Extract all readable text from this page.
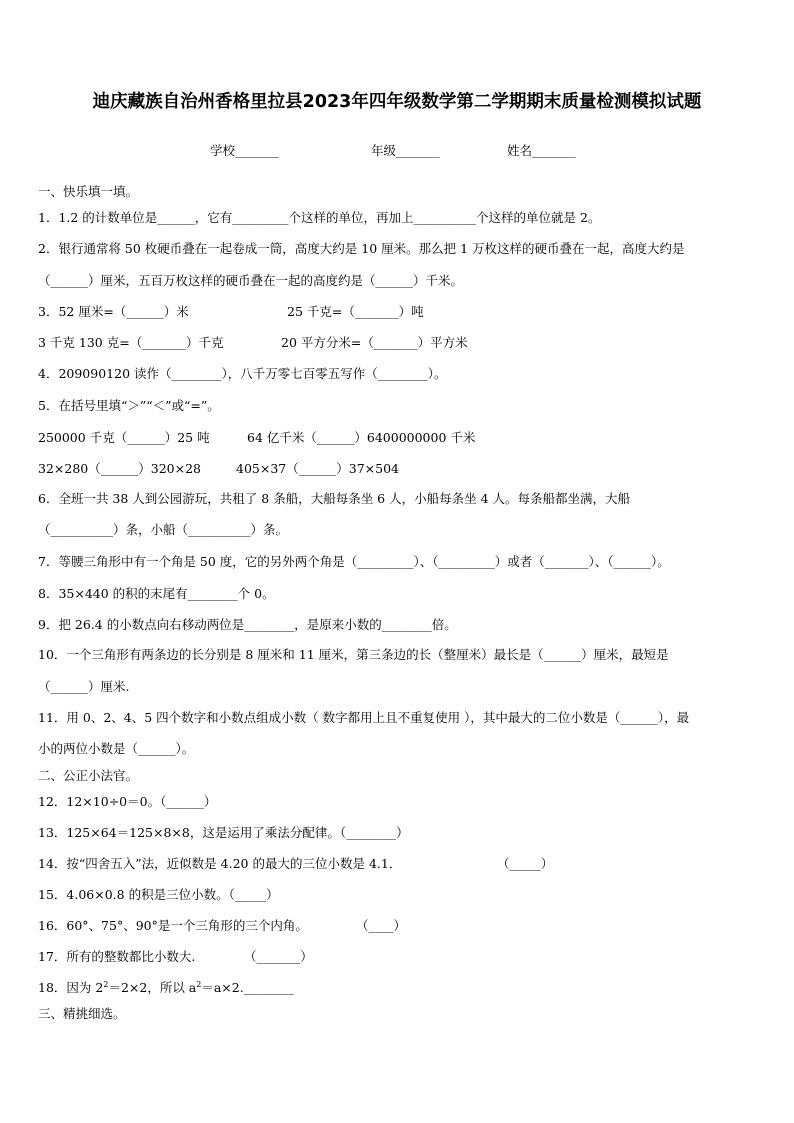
迪庆藏族自治州香格里拉县2023年四年级数学第二学期期末质量检测模拟试题
学校_______	年级_______	姓名_______
一、快乐填一填。
1．1.2 的计数单位是______，它有_________个这样的单位，再加上__________个这样的单位就是 2。
2．银行通常将 50 枚硬币叠在一起卷成一筒，高度大约是 10 厘米。那么把 1 万枚这样的硬币叠在一起，高度大约是
（______）厘米，五百万枚这样的硬币叠在一起的高度约是（______）千米。
3．52 厘米=（______）米	25 千克=（_______）吨
3 千克 130 克=（_______）千克	20 平方分米=（_______）平方米
4．209090120 读作（________），八千万零七百零五写作（________）。
5．在括号里填“＞”“＜”或“=”。
250000 千克（______）25 吨	64 亿千米（______）6400000000 千米
32×280（______）320×28	405×37（______）37×504
6．全班一共 38 人到公园游玩，共租了 8 条船，大船每条坐 6 人，小船每条坐 4 人。每条船都坐满，大船
（__________）条，小船（__________）条。
7．等腰三角形中有一个角是 50 度，它的另外两个角是（_________）、（_________）或者（_______）、（______）。
8．35×440 的积的末尾有________个 0。
9．把 26.4 的小数点向右移动两位是________，是原来小数的________倍。
10．一个三角形有两条边的长分别是 8 厘米和 11 厘米，第三条边的长（整厘米）最长是（______）厘米，最短是
（______）厘米.
11．用 0、2、4、5 四个数字和小数点组成小数（ 数字都用上且不重复使用 ），其中最大的二位小数是（______），最
小的两位小数是（______）。
二、公正小法官。
12．12×10÷0＝0。（______）
13．125×64＝125×8×8，这是运用了乘法分配律。（________）
14．按“四舍五入”法，近似数是 4.20 的最大的三位小数是 4.1．	（_____）
15．4.06×0.8 的积是三位小数。（_____）
16．60°、75°、90°是一个三角形的三个内角。	（____）
17．所有的整数都比小数大.	（_______）
18．因为 $2^2=2\times 2$，所以 $a^2=a\times 2.\_\_\_\_\_\_\_\_$
三、精挑细选。
